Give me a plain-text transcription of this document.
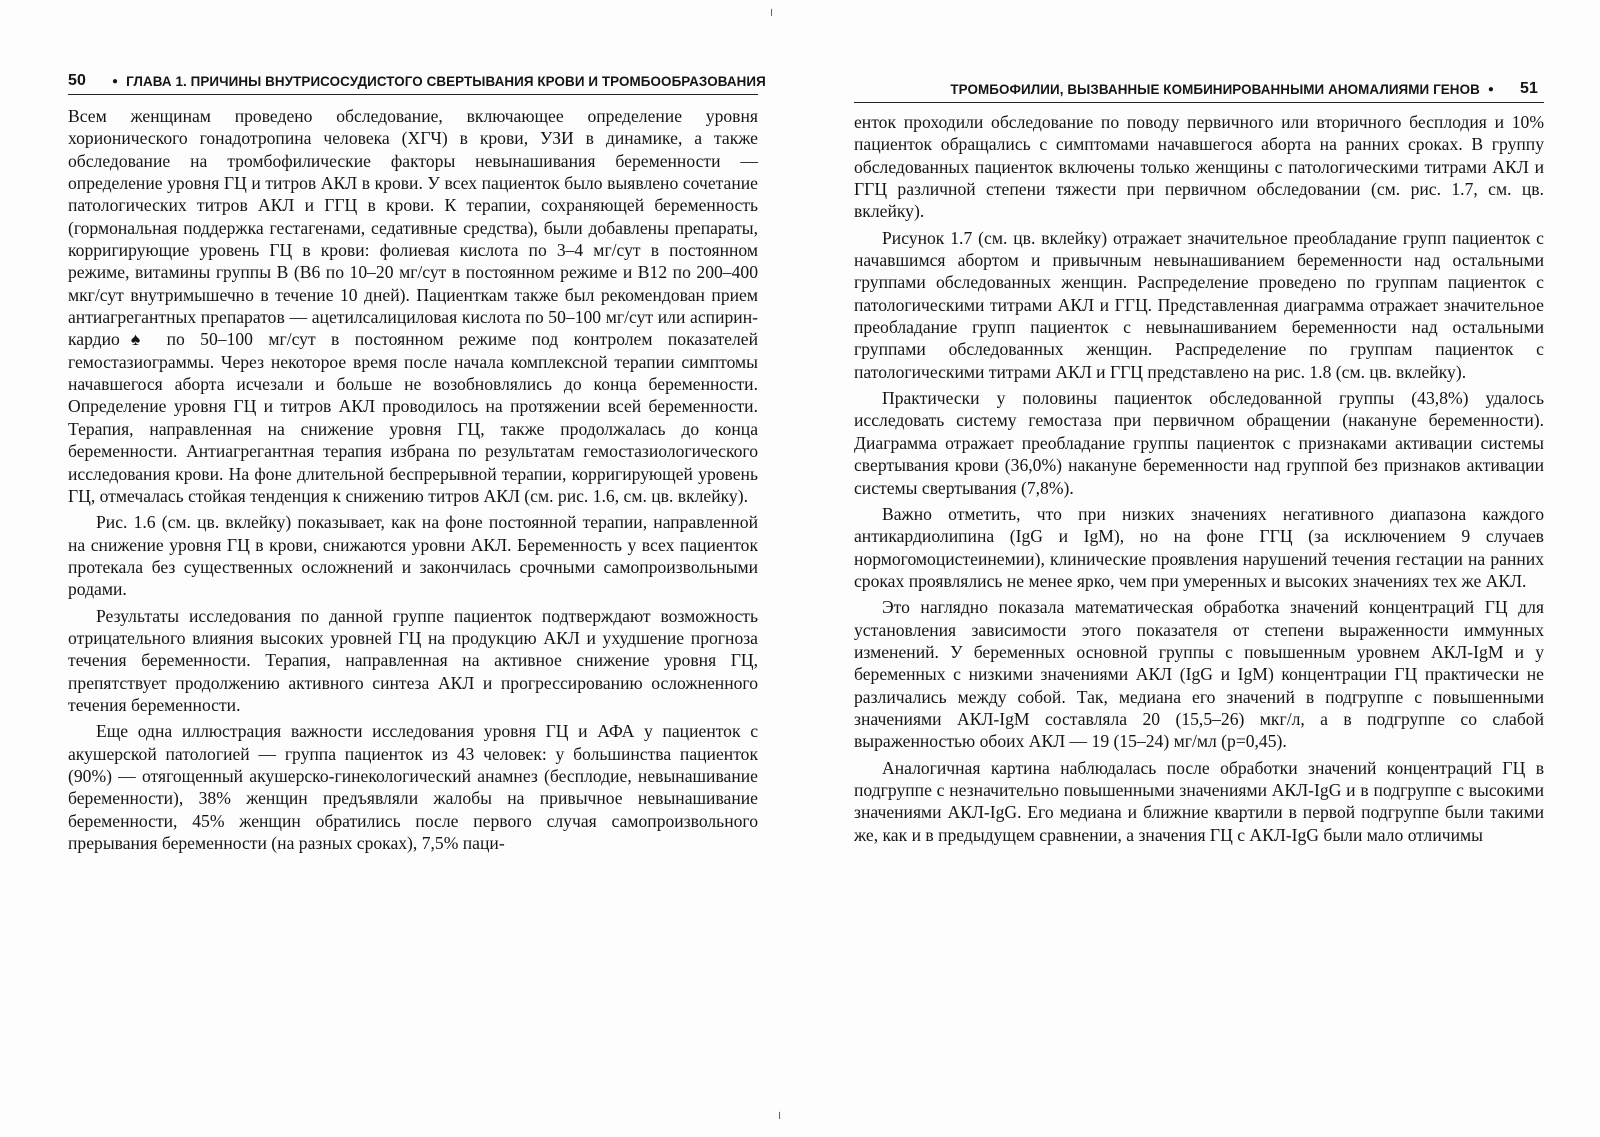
╷
╵
50	● ГЛАВА 1. ПРИЧИНЫ ВНУТРИСОСУДИСТОГО СВЕРТЫВАНИЯ КРОВИ И ТРОМБООБРАЗОВАНИЯ

Всем женщинам проведено обследование, включающее определение уровня хорионического гонадотропина человека (ХГЧ) в крови, УЗИ в динамике, а также обследование на тромбофилические факторы невынашивания беременности — определение уровня ГЦ и титров АКЛ в крови. У всех пациенток было выявлено сочетание патологических титров АКЛ и ГГЦ в крови. К терапии, сохраняющей беременность (гормональная поддержка гестагенами, седативные средства), были добавлены препараты, корригирующие уровень ГЦ в крови: фолиевая кислота по 3–4 мг/сут в постоянном режиме, витамины группы В (В6 по 10–20 мг/сут в постоянном режиме и В12 по 200–400 мкг/сут внутримышечно в течение 10 дней). Пациенткам также был рекомендован прием антиагрегантных препаратов — ацетилсалициловая кислота по 50–100 мг/сут или аспирин-кардио♠ по 50–100 мг/сут в постоянном режиме под контролем показателей гемостазиограммы. Через некоторое время после начала комплексной терапии симптомы начавшегося аборта исчезали и больше не возобновлялись до конца беременности. Определение уровня ГЦ и титров АКЛ проводилось на протяжении всей беременности. Терапия, направленная на снижение уровня ГЦ, также продолжалась до конца беременности. Антиагрегантная терапия избрана по результатам гемостазиологического исследования крови. На фоне длительной беспрерывной терапии, корригирующей уровень ГЦ, отмечалась стойкая тенденция к снижению титров АКЛ (см. рис. 1.6, см. цв. вклейку).

Рис. 1.6 (см. цв. вклейку) показывает, как на фоне постоянной терапии, направленной на снижение уровня ГЦ в крови, снижаются уровни АКЛ. Беременность у всех пациенток протекала без существенных осложнений и закончилась срочными самопроизвольными родами.

Результаты исследования по данной группе пациенток подтверждают возможность отрицательного влияния высоких уровней ГЦ на продукцию АКЛ и ухудшение прогноза течения беременности. Терапия, направленная на активное снижение уровня ГЦ, препятствует продолжению активного синтеза АКЛ и прогрессированию осложненного течения беременности.

Еще одна иллюстрация важности исследования уровня ГЦ и АФА у пациенток с акушерской патологией — группа пациенток из 43 человек: у большинства пациенток (90%) — отягощенный акушерско-гинекологический анамнез (бесплодие, невынашивание беременности), 38% женщин предъявляли жалобы на привычное невынашивание беременности, 45% женщин обратились после первого случая самопроизвольного прерывания беременности (на разных сроках), 7,5% паци-

ТРОМБОФИЛИИ, ВЫЗВАННЫЕ КОМБИНИРОВАННЫМИ АНОМАЛИЯМИ ГЕНОВ ● 51

енток проходили обследование по поводу первичного или вторичного бесплодия и 10% пациенток обращались с симптомами начавшегося аборта на ранних сроках. В группу обследованных пациенток включены только женщины с патологическими титрами АКЛ и ГГЦ различной степени тяжести при первичном обследовании (см. рис. 1.7, см. цв. вклейку).

Рисунок 1.7 (см. цв. вклейку) отражает значительное преобладание групп пациенток с начавшимся абортом и привычным невынашиванием беременности над остальными группами обследованных женщин. Распределение проведено по группам пациенток с патологическими титрами АКЛ и ГГЦ. Представленная диаграмма отражает значительное преобладание групп пациенток с невынашиванием беременности над остальными группами обследованных женщин. Распределение по группам пациенток с патологическими титрами АКЛ и ГГЦ представлено на рис. 1.8 (см. цв. вклейку).

Практически у половины пациенток обследованной группы (43,8%) удалось исследовать систему гемостаза при первичном обращении (накануне беременности). Диаграмма отражает преобладание группы пациенток с признаками активации системы свертывания крови (36,0%) накануне беременности над группой без признаков активации системы свертывания (7,8%).

Важно отметить, что при низких значениях негативного диапазона каждого антикардиолипина (IgG и IgM), но на фоне ГГЦ (за исключением 9 случаев нормогомоцистеинемии), клинические проявления нарушений течения гестации на ранних сроках проявлялись не менее ярко, чем при умеренных и высоких значениях тех же АКЛ.

Это наглядно показала математическая обработка значений концентраций ГЦ для установления зависимости этого показателя от степени выраженности иммунных изменений. У беременных основной группы с повышенным уровнем АКЛ-IgM и у беременных с низкими значениями АКЛ (IgG и IgM) концентрации ГЦ практически не различались между собой. Так, медиана его значений в подгруппе с повышенными значениями АКЛ-IgM составляла 20 (15,5–26) мкг/л, а в подгруппе со слабой выраженностью обоих АКЛ — 19 (15–24) мг/мл (p=0,45).

Аналогичная картина наблюдалась после обработки значений концентраций ГЦ в подгруппе с незначительно повышенными значениями АКЛ-IgG и в подгруппе с высокими значениями АКЛ-IgG. Его медиана и ближние квартили в первой подгруппе были такими же, как и в предыдущем сравнении, а значения ГЦ с АКЛ-IgG были мало отличимы
